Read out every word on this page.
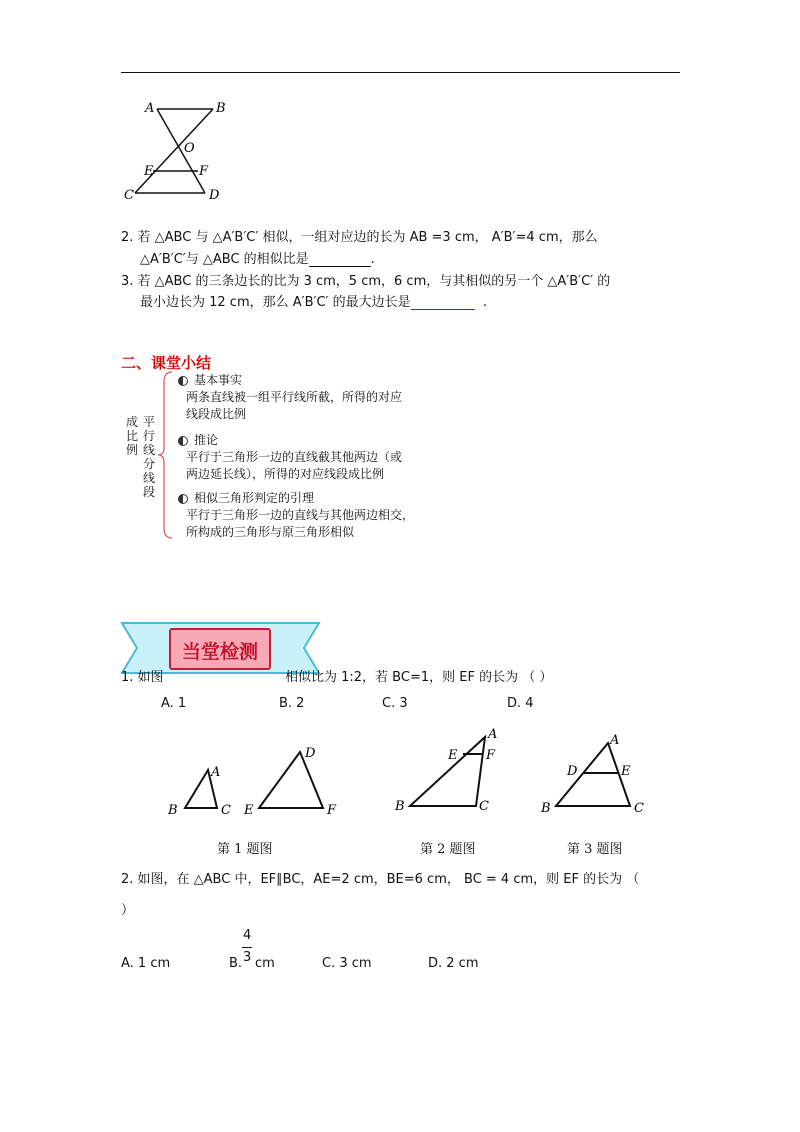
A	B
O
E	F
C	D
2. 若 △ABC 与 △A′B′C′ 相似，一组对应边的长为 AB =3 cm， A′B′=4 cm，那么
△A′B′C′与 △ABC 的相似比是	.
3. 若 △ABC 的三条边长的比为 3 cm，5 cm，6 cm，与其相似的另一个 △A′B′C′ 的
最小边长为 12 cm，那么 A′B′C′ 的最大边长是	.
二、课堂小结
成
比
例
平
行
线
分
线
段
基本事实
两条直线被一组平行线所截，所得的对应
线段成比例
推论
平行于三角形一边的直线截其他两边（或
两边延长线），所得的对应线段成比例
相似三角形判定的引理
平行于三角形一边的直线与其他两边相交，
所构成的三角形与原三角形相似
当堂检测
1. 如图	相似比为 1:2，若 BC=1，则 EF 的长为 （ ）
A. 1	B. 2	C. 3	D. 4
A
B	C
D
E	F
A
B	C
E F
A
B	C
D	E
第 1 题图	第 2 题图	第 3 题图
2. 如图，在 △ABC 中，EF∥BC，AE=2 cm，BE=6 cm， BC = 4 cm，则 EF 的长为 （
）
A. 1 cm	B.
4
3 cm	C. 3 cm	D. 2 cm
